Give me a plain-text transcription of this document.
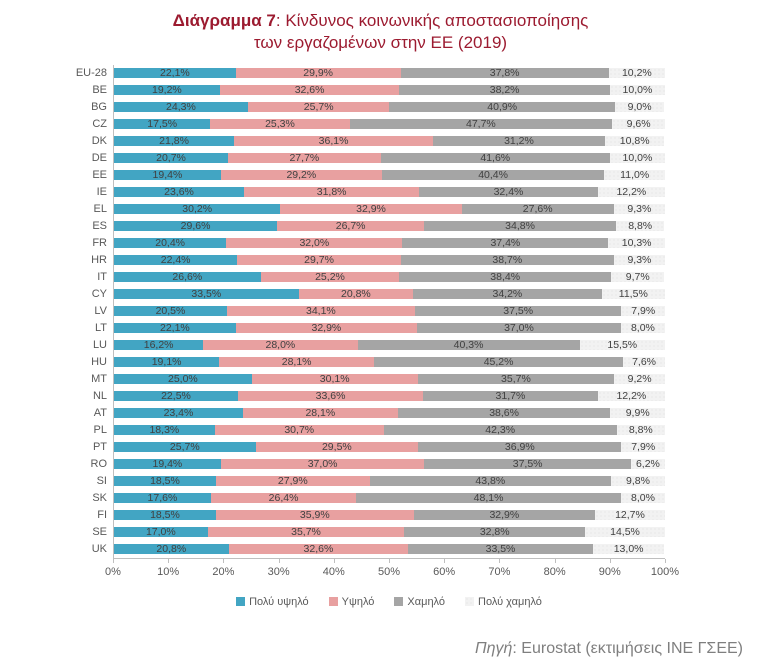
Διάγραμμα 7: Κίνδυνος κοινωνικής αποστασιοποίησης
των εργαζομένων στην ΕΕ (2019)
EU-28	22,1%	29,9%	37,8%	10,2%
BE	19,2%	32,6%	38,2%	10,0%
BG	24,3%	25,7%	40,9%	9,0%
CZ	17,5%	25,3%	47,7%	9,6%
DK	21,8%	36,1%	31,2%	10,8%
DE	20,7%	27,7%	41,6%	10,0%
EE	19,4%	29,2%	40,4%	11,0%
IE	23,6%	31,8%	32,4%	12,2%
EL	30,2%	32,9%	27,6%	9,3%
ES	29,6%	26,7%	34,8%	8,8%
FR	20,4%	32,0%	37,4%	10,3%
HR	22,4%	29,7%	38,7%	9,3%
IT	26,6%	25,2%	38,4%	9,7%
CY	33,5%	20,8%	34,2%	11,5%
LV	20,5%	34,1%	37,5%	7,9%
LT	22,1%	32,9%	37,0%	8,0%
LU	16,2%	28,0%	40,3%	15,5%
HU	19,1%	28,1%	45,2%	7,6%
MT	25,0%	30,1%	35,7%	9,2%
NL	22,5%	33,6%	31,7%	12,2%
AT	23,4%	28,1%	38,6%	9,9%
PL	18,3%	30,7%	42,3%	8,8%
PT	25,7%	29,5%	36,9%	7,9%
RO	19,4%	37,0%	37,5%	6,2%
SI	18,5%	27,9%	43,8%	9,8%
SK	17,6%	26,4%	48,1%	8,0%
FI	18,5%	35,9%	32,9%	12,7%
SE	17,0%	35,7%	32,8%	14,5%
UK	20,8%	32,6%	33,5%	13,0%
0%	10%	20%	30%	40%	50%	60%	70%	80%	90%	100%
Πολύ υψηλό	Υψηλό	Χαμηλό	Πολύ χαμηλό
Πηγή: Eurostat (εκτιμήσεις ΙΝΕ ΓΣΕΕ)
